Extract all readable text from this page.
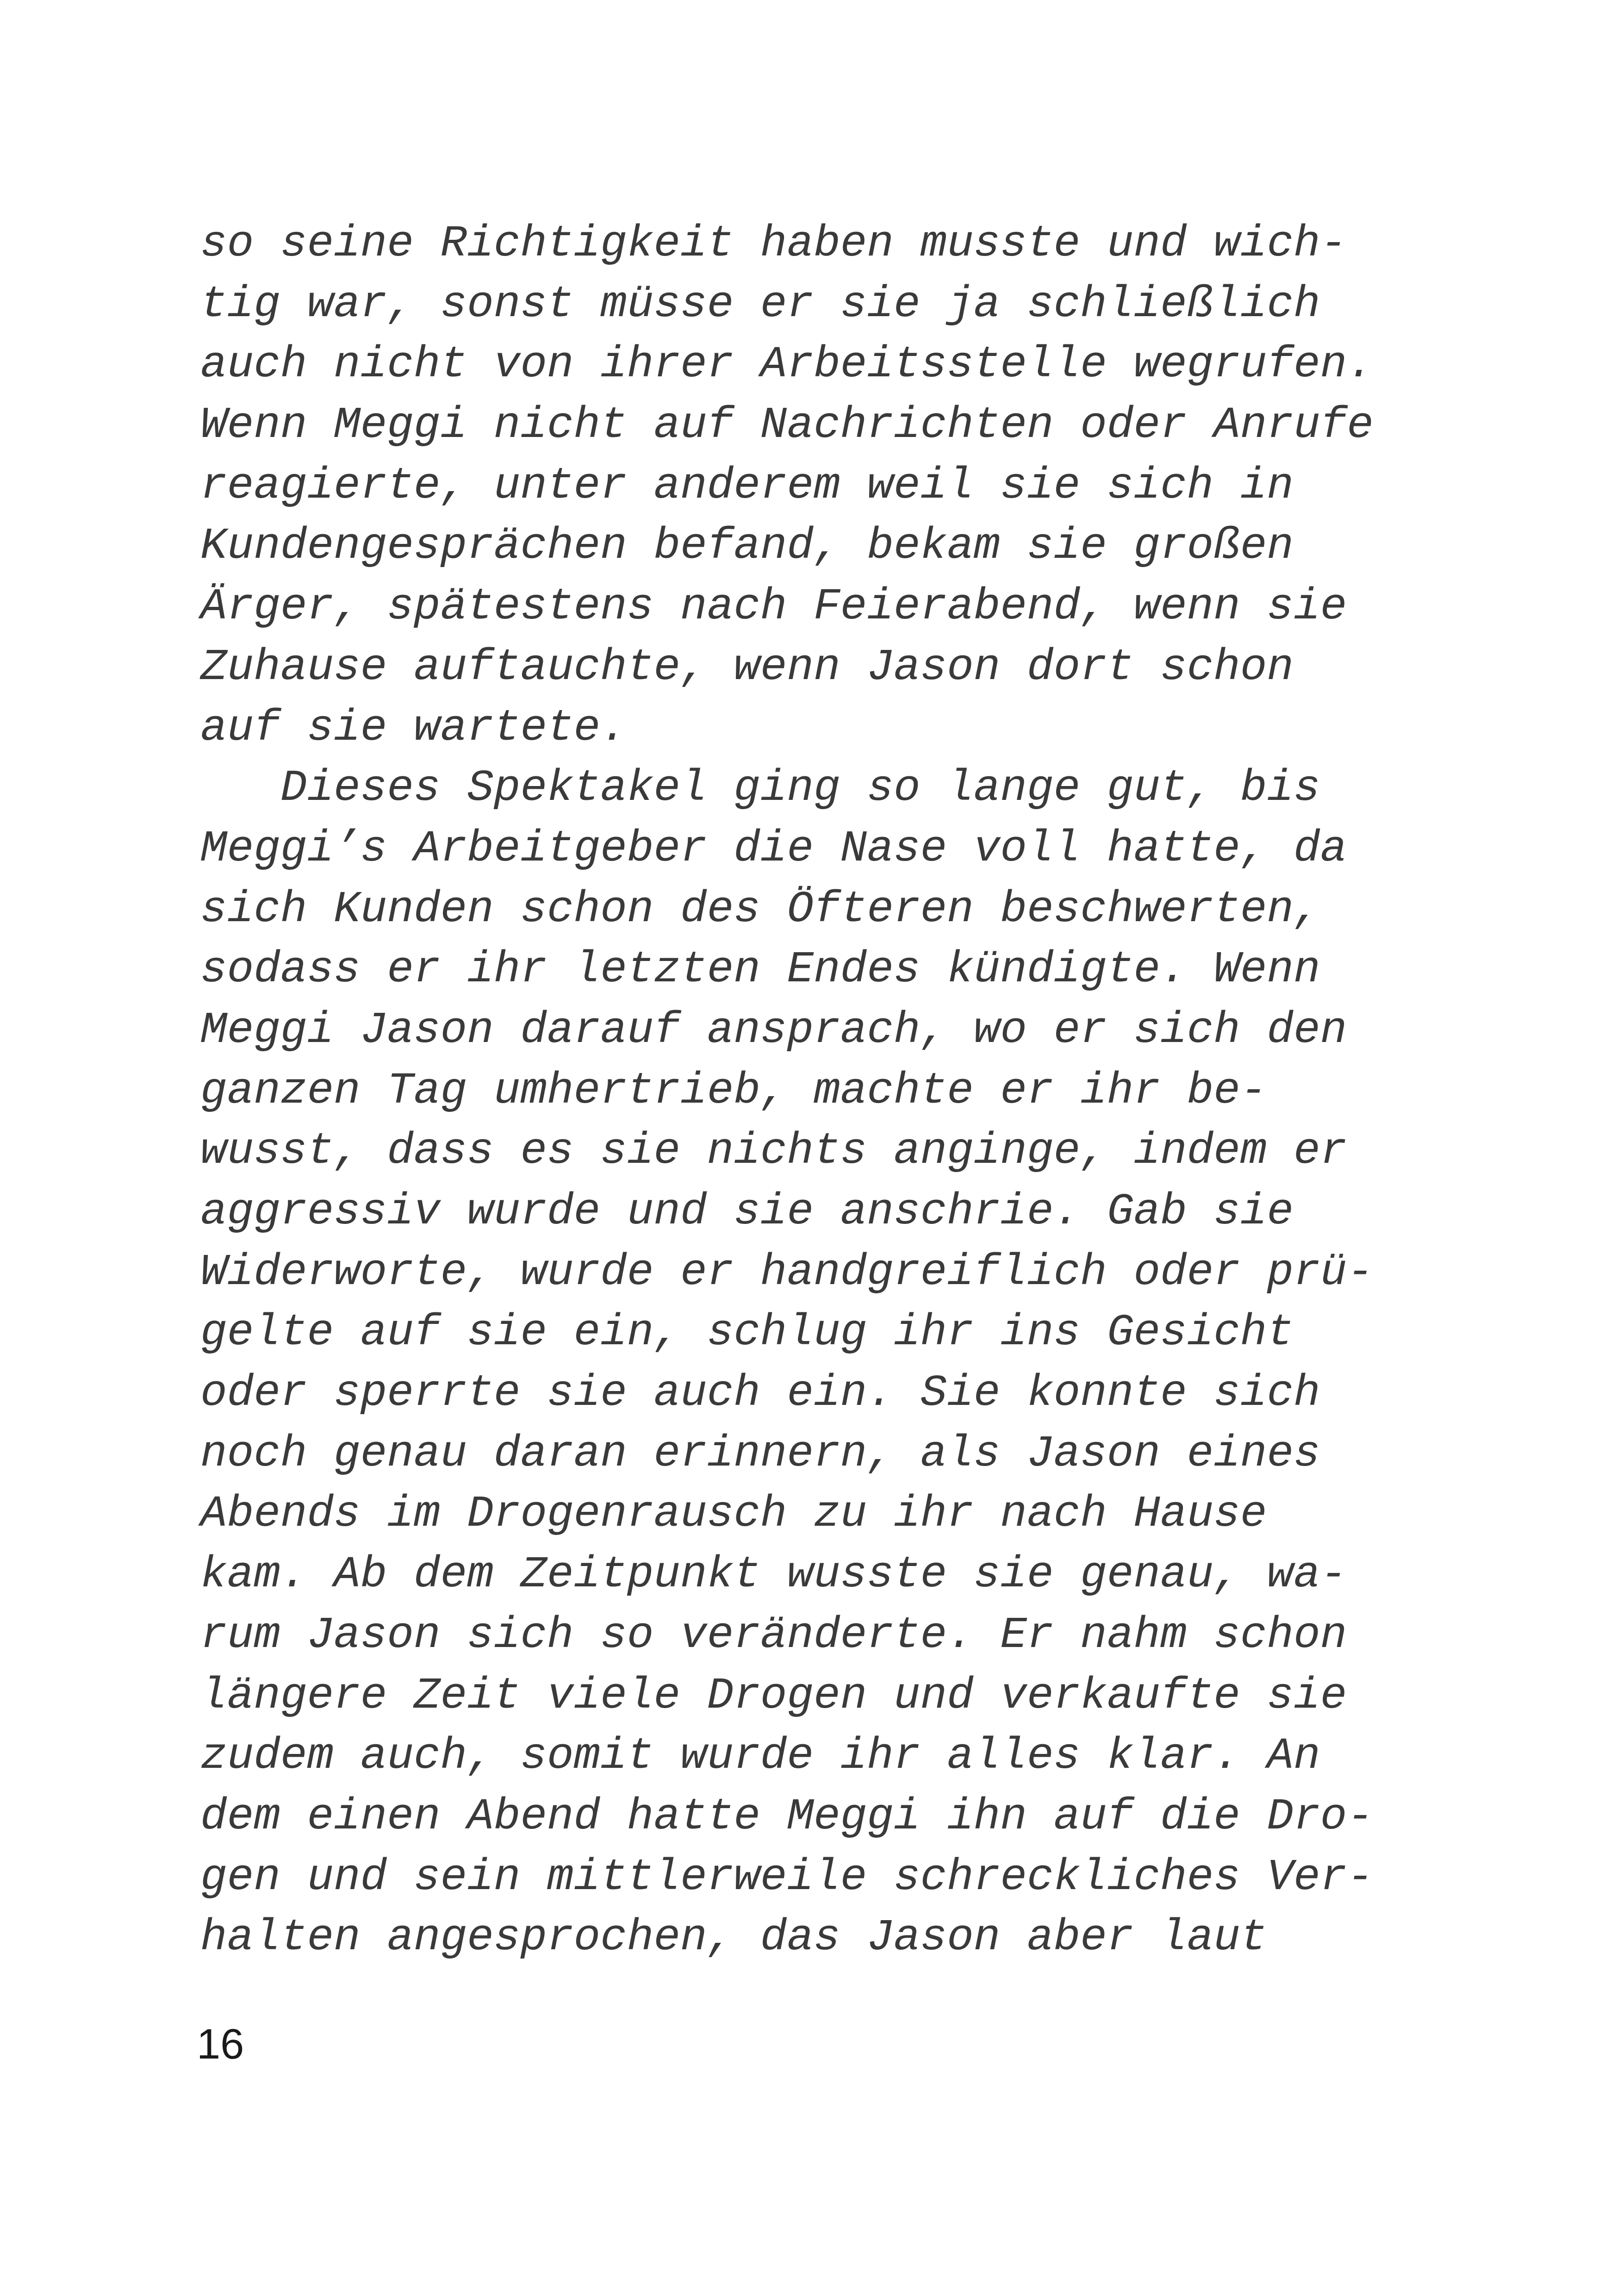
so seine Richtigkeit haben musste und wich-
tig war, sonst müsse er sie ja schließlich
auch nicht von ihrer Arbeitsstelle wegrufen.
Wenn Meggi nicht auf Nachrichten oder Anrufe
reagierte, unter anderem weil sie sich in
Kundengesprächen befand, bekam sie großen
Ärger, spätestens nach Feierabend, wenn sie
Zuhause auftauchte, wenn Jason dort schon
auf sie wartete.
Dieses Spektakel ging so lange gut, bis
Meggi’s Arbeitgeber die Nase voll hatte, da
sich Kunden schon des Öfteren beschwerten,
sodass er ihr letzten Endes kündigte. Wenn
Meggi Jason darauf ansprach, wo er sich den
ganzen Tag umhertrieb, machte er ihr be-
wusst, dass es sie nichts anginge, indem er
aggressiv wurde und sie anschrie. Gab sie
Widerworte, wurde er handgreiflich oder prü-
gelte auf sie ein, schlug ihr ins Gesicht
oder sperrte sie auch ein. Sie konnte sich
noch genau daran erinnern, als Jason eines
Abends im Drogenrausch zu ihr nach Hause
kam. Ab dem Zeitpunkt wusste sie genau, wa-
rum Jason sich so veränderte. Er nahm schon
längere Zeit viele Drogen und verkaufte sie
zudem auch, somit wurde ihr alles klar. An
dem einen Abend hatte Meggi ihn auf die Dro-
gen und sein mittlerweile schreckliches Ver-
halten angesprochen, das Jason aber laut
16
